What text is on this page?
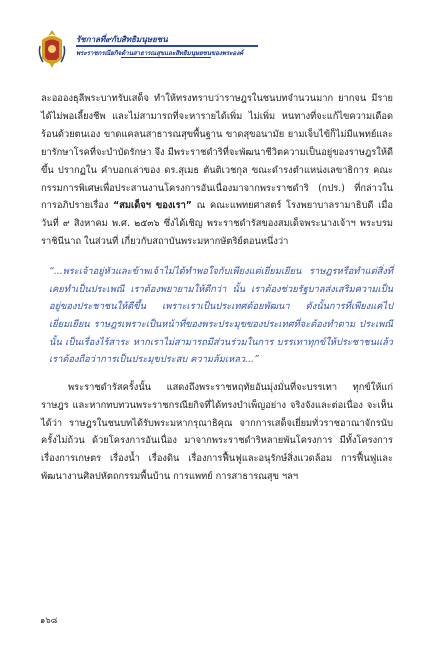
รัชกาลที่๙กับสิทธิมนุษยชน
พระราชกรณียกิจด้านสาธารณสุขและสิทธิมนุษยชนของพระองค์

ละออองธุลีพระบาทรับเสด็จ ทำให้ทรงทราบว่าราษฎรในชนบทจำนวนมาก ยากจน มีรายได้ไม่พอเลี้ยงชีพ และไม่สามารถที่จะหารายได้เพิ่ม ไม่เพิ่ม หนทางที่จะแก้ไขความเดือดร้อนด้วยตนเอง ขาดแคลนสาธารณสุขพื้นฐาน ขาดสุขอนามัย ยามเจ็บไข้ก็ไม่มีแพทย์และยารักษาโรคที่จะบำบัดรักษา จึง มีพระราชดำริที่จะพัฒนาชีวิตความเป็นอยู่ของราษฎรให้ดีขึ้น ปรากฏใน คำบอกเล่าของ ดร.สุเมธ ตันติเวชกุล ขณะดำรงตำแหน่งเลขาธิการ คณะกรรมการพิเศษเพื่อประสานงานโครงการอันเนื่องมาจากพระราชดำริ (กปร.) ที่กล่าวในการอภิปรายเรื่อง “สมเด็จฯ ของเรา” ณ คณะแพทยศาสตร์ โรงพยาบาลรามาธิบดี เมื่อวันที่ ๙ สิงหาคม พ.ศ. ๒๕๓๖ ซึ่งได้เชิญ พระราชดำรัสของสมเด็จพระนางเจ้าฯ พระบรมราชินีนาถ ในส่วนที่ เกี่ยวกับสถาบันพระมหากษัตริย์ตอนหนึ่งว่า

“...พระเจ้าอยู่หัวและข้าพเจ้าไม่ได้ทำพอใจกับเพียงแต่เยี่ยมเยียน ราษฎรหรือทำแต่สิ่งที่เคยทำเป็นประเพณี เราต้องพยายามให้ดีกว่า นั้น เราต้องช่วยรัฐบาลส่งเสริมความเป็นอยู่ของประชาชนให้ดีขึ้น เพราะเราเป็นประเทศด้อยพัฒนา ดังนั้นการที่เพียงแค่ไปเยี่ยมเยียน ราษฎรเพราะเป็นหน้าที่ของพระประมุขของประเทศที่จะต้องทำตาม ประเพณีนั้น เป็นเรื่องไร้สาระ หากเราไม่สามารถมีส่วนร่วมในการ บรรเทาทุกข์ให้ประชาชนแล้ว เราต้องถือว่าการเป็นประมุขประสบ ความล้มเหลว...”

พระราชดำรัสครั้งนั้น แสดงถึงพระราชหฤทัยอันมุ่งมั่นที่จะบรรเทา ทุกข์ให้แก่ราษฎร และหากทบทวนพระราชกรณียกิจที่ได้ทรงบำเพ็ญอย่าง จริงจังและต่อเนื่อง จะเห็นได้ว่า ราษฎรในชนบทได้รับพระมหากรุณาธิคุณ จากการเสด็จเยี่ยมทั่วราชอาณาจักรนับครั้งไม่ถ้วน ด้วยโครงการอันเนื่อง มาจากพระราชดำริหลายพันโครงการ มีทั้งโครงการเรื่องการเกษตร เรื่องน้ำ เรื่องดิน เรื่องการฟื้นฟูและอนุรักษ์สิ่งแวดล้อม การฟื้นฟูและ พัฒนางานศิลปหัตถกรรมพื้นบ้าน การแพทย์ การสาธารณสุข ฯลฯ

๑๖๘
